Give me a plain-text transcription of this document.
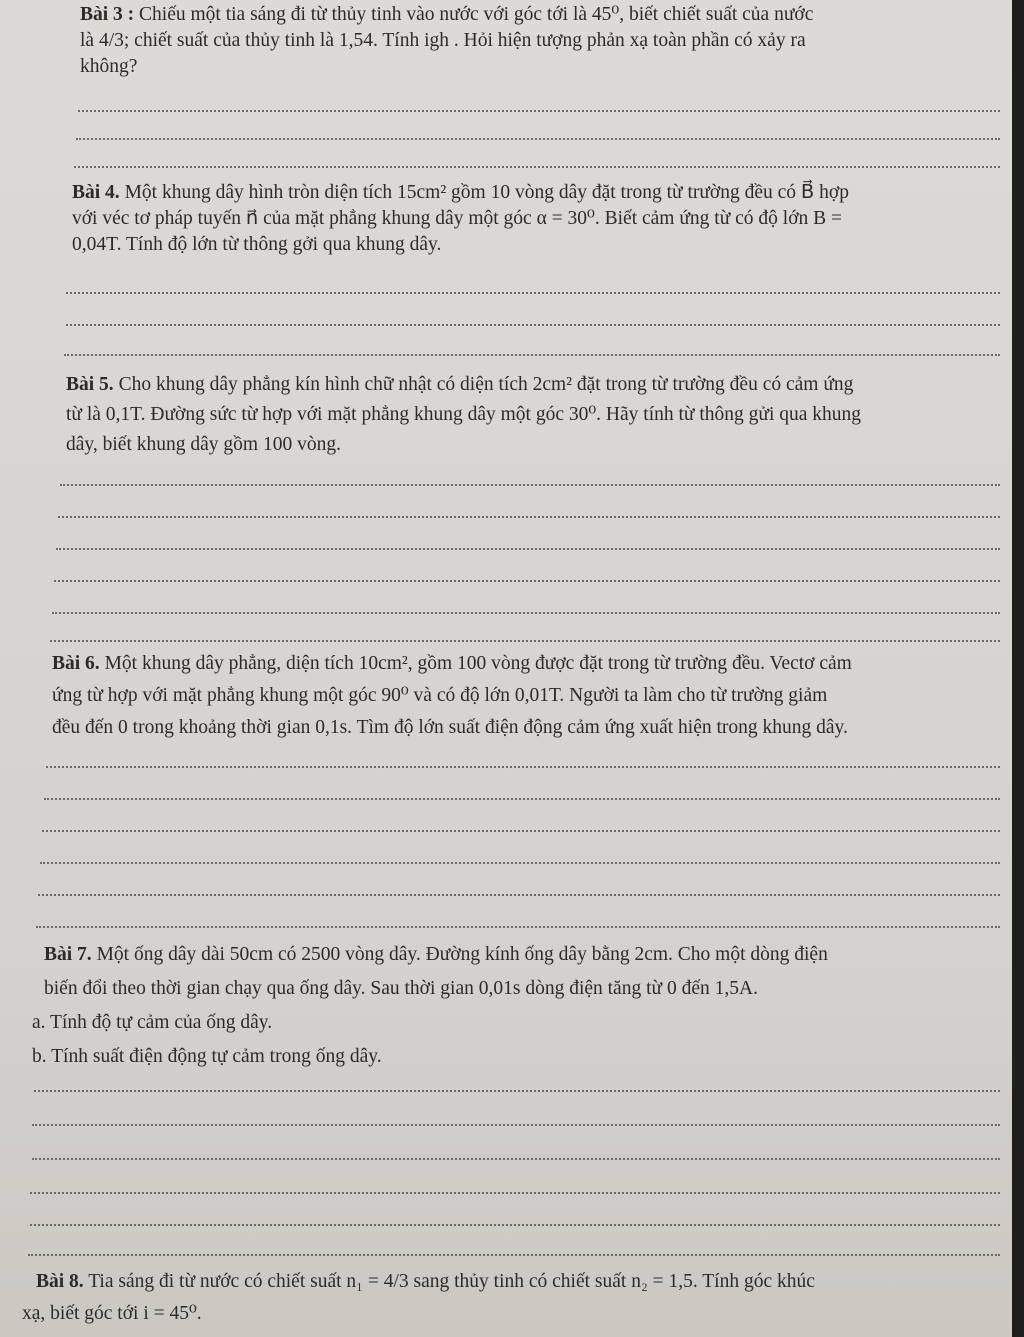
Bài 3 : Chiếu một tia sáng đi từ thủy tinh vào nước với góc tới là 45⁰, biết chiết suất của nước

là 4/3; chiết suất của thủy tinh là 1,54. Tính igh . Hỏi hiện tượng phản xạ toàn phần có xảy ra

không?

Bài 4. Một khung dây hình tròn diện tích 15cm² gồm 10 vòng dây đặt trong từ trường đều có B⃗ hợp

với véc tơ pháp tuyến n⃗ của mặt phẳng khung dây một góc α = 30⁰. Biết cảm ứng từ có độ lớn B =

0,04T. Tính độ lớn từ thông gởi qua khung dây.

Bài 5. Cho khung dây phẳng kín hình chữ nhật có diện tích 2cm² đặt trong từ trường đều có cảm ứng

từ là 0,1T. Đường sức từ hợp với mặt phẳng khung dây một góc 30⁰. Hãy tính từ thông gửi qua khung

dây, biết khung dây gồm 100 vòng.

Bài 6. Một khung dây phẳng, diện tích 10cm², gồm 100 vòng được đặt trong từ trường đều. Vectơ cảm

ứng từ hợp với mặt phẳng khung một góc 90⁰ và có độ lớn 0,01T. Người ta làm cho từ trường giảm

đều đến 0 trong khoảng thời gian 0,1s. Tìm độ lớn suất điện động cảm ứng xuất hiện trong khung dây.

Bài 7. Một ống dây dài 50cm có 2500 vòng dây. Đường kính ống dây bằng 2cm. Cho một dòng điện

biến đổi theo thời gian chạy qua ống dây. Sau thời gian 0,01s dòng điện tăng từ 0 đến 1,5A.

a. Tính độ tự cảm của ống dây.

b. Tính suất điện động tự cảm trong ống dây.

Bài 8. Tia sáng đi từ nước có chiết suất n₁ = 4/3 sang thủy tinh có chiết suất n₂ = 1,5. Tính góc khúc

xạ, biết góc tới i = 45⁰.
